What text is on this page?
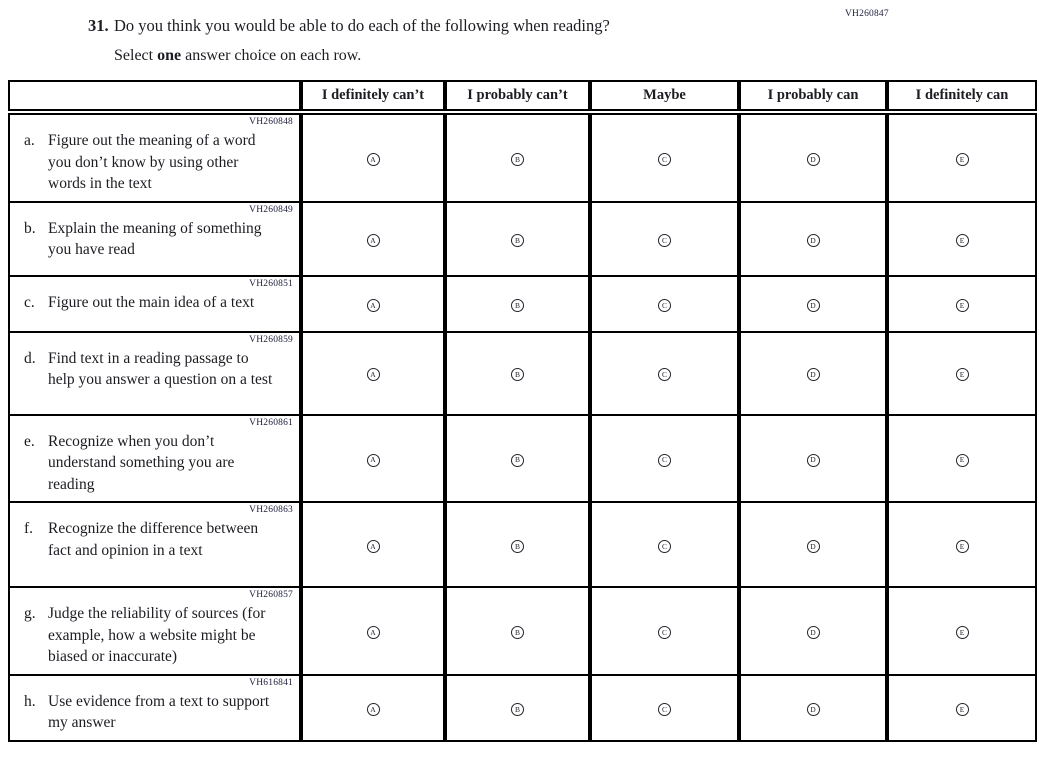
VH260847
31. Do you think you would be able to do each of the following when reading?
Select one answer choice on each row.
	I definitely can’t	I probably can’t	Maybe	I probably can	I definitely can

VH260848
a. Figure out the meaning of a word you don’t know by using other words in the text	A	B	C	D	E

VH260849
b. Explain the meaning of something you have read	A	B	C	D	E

VH260851
c. Figure out the main idea of a text	A	B	C	D	E

VH260859
d. Find text in a reading passage to help you answer a question on a test	A	B	C	D	E

VH260861
e. Recognize when you don’t understand something you are reading	A	B	C	D	E

VH260863
f. Recognize the difference between fact and opinion in a text	A	B	C	D	E

VH260857
g. Judge the reliability of sources (for example, how a website might be biased or inaccurate)	A	B	C	D	E

VH616841
h. Use evidence from a text to support my answer	A	B	C	D	E
